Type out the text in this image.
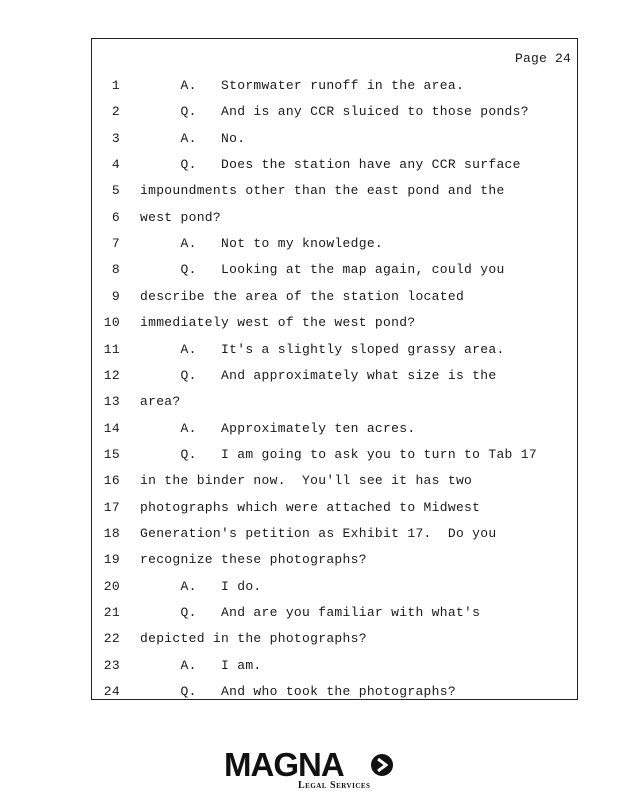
Page 24
1 A.   Stormwater runoff in the area.
2 Q.   And is any CCR sluiced to those ponds?
3 A.   No.
4 Q.   Does the station have any CCR surface
5 impoundments other than the east pond and the
6 west pond?
7 A.   Not to my knowledge.
8 Q.   Looking at the map again, could you
9 describe the area of the station located
10 immediately west of the west pond?
11 A.   It's a slightly sloped grassy area.
12 Q.   And approximately what size is the
13 area?
14 A.   Approximately ten acres.
15 Q.   I am going to ask you to turn to Tab 17
16 in the binder now.  You'll see it has two
17 photographs which were attached to Midwest
18 Generation's petition as Exhibit 17.  Do you
19 recognize these photographs?
20 A.   I do.
21 Q.   And are you familiar with what's
22 depicted in the photographs?
23 A.   I am.
24 Q.   And who took the photographs?
MAGNA
Legal Services
